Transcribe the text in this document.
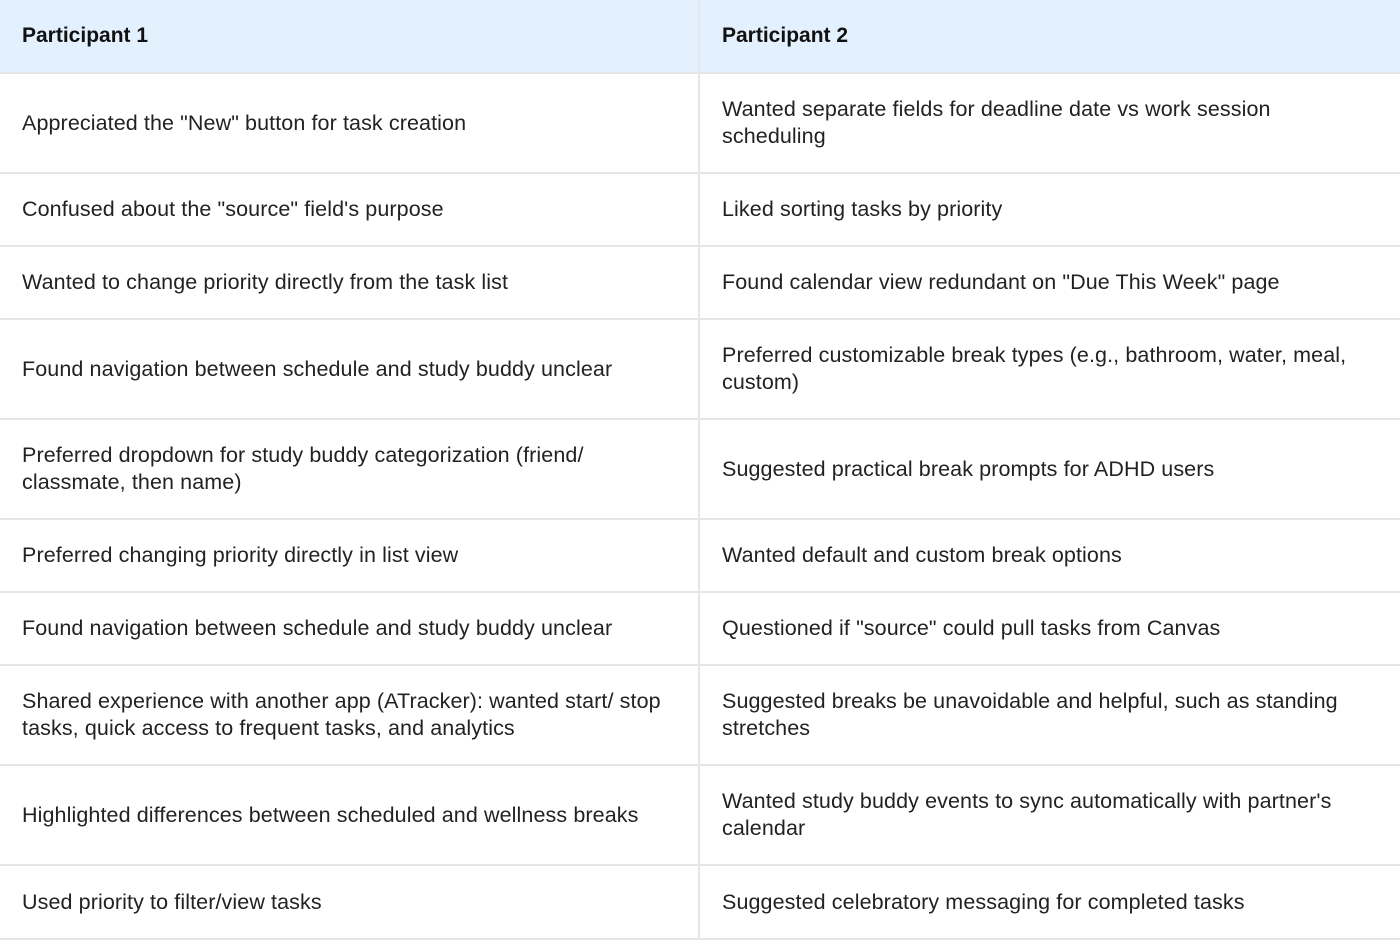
Participant 1	Participant 2
Appreciated the "New" button for task creation	Wanted separate fields for deadline date vs work session scheduling
Confused about the "source" field's purpose	Liked sorting tasks by priority
Wanted to change priority directly from the task list	Found calendar view redundant on "Due This Week" page
Found navigation between schedule and study buddy unclear	Preferred customizable break types (e.g., bathroom, water, meal, custom)
Preferred dropdown for study buddy categorization (friend/ classmate, then name)	Suggested practical break prompts for ADHD users
Preferred changing priority directly in list view	Wanted default and custom break options
Found navigation between schedule and study buddy unclear	Questioned if "source" could pull tasks from Canvas
Shared experience with another app (ATracker): wanted start/ stop tasks, quick access to frequent tasks, and analytics	Suggested breaks be unavoidable and helpful, such as standing stretches
Highlighted differences between scheduled and wellness breaks	Wanted study buddy events to sync automatically with partner's calendar
Used priority to filter/view tasks	Suggested celebratory messaging for completed tasks
